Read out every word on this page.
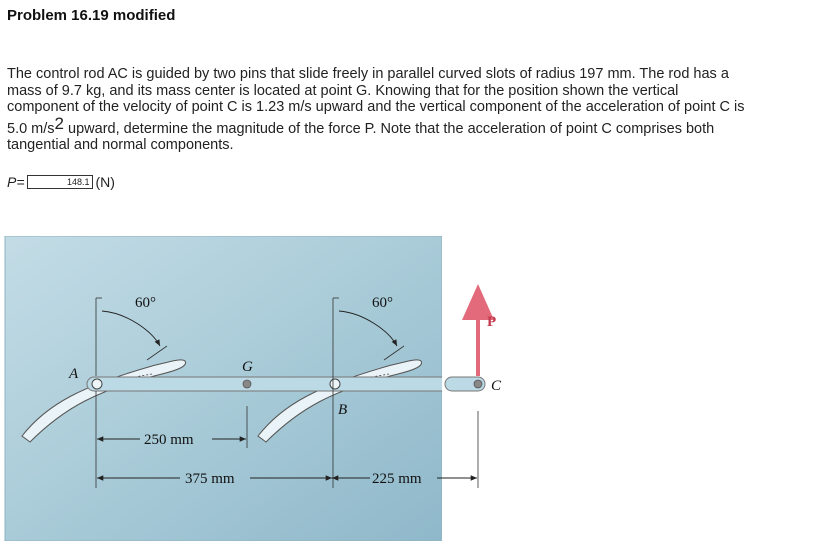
Problem 16.19 modified

The control rod AC is guided by two pins that slide freely in parallel curved slots of radius 197 mm. The rod has a

mass of 9.7 kg, and its mass center is located at point G. Knowing that for the position shown the vertical

component of the velocity of point C is 1.23 m/s upward and the vertical component of the acceleration of point C is

5.0 $m/s^2$ upward, determine the magnitude of the force P. Note that the acceleration of point C comprises both

tangential and normal components.

P=	148.1 (N)
60°	60°
A	G
B
250 mm
375 mm
P
C
225 mm
